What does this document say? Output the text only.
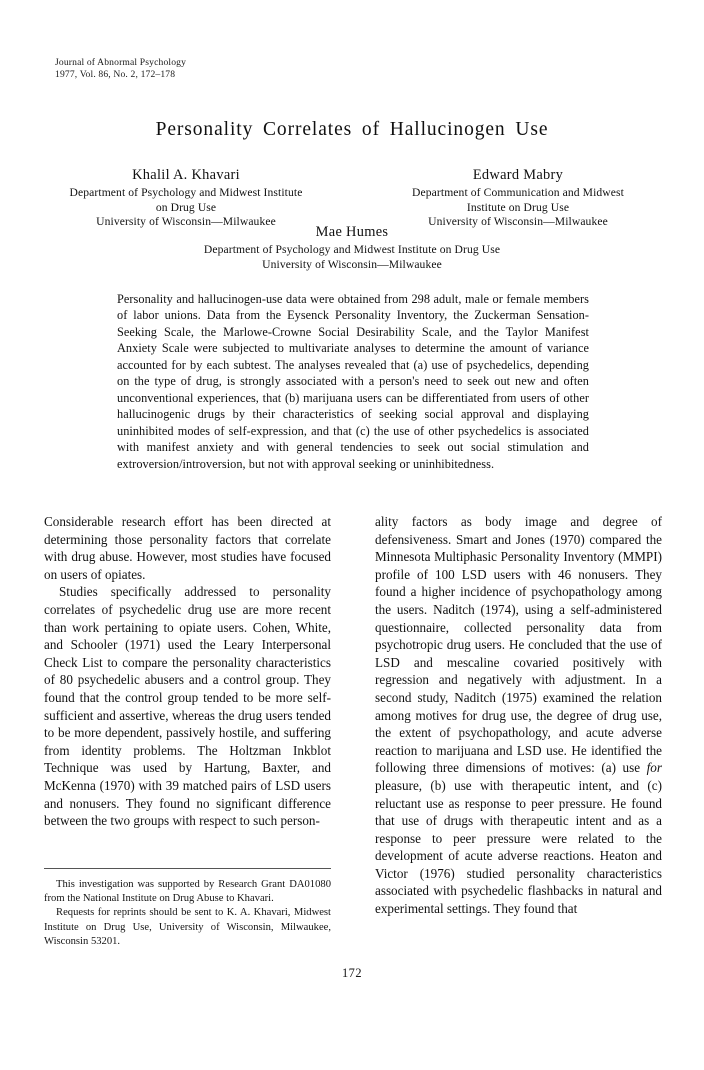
Journal of Abnormal Psychology
1977, Vol. 86, No. 2, 172–178
Personality Correlates of Hallucinogen Use
Khalil A. Khavari
Department of Psychology and Midwest Institute
on Drug Use
University of Wisconsin—Milwaukee
Edward Mabry
Department of Communication and Midwest
Institute on Drug Use
University of Wisconsin—Milwaukee
Mae Humes
Department of Psychology and Midwest Institute on Drug Use
University of Wisconsin—Milwaukee
Personality and hallucinogen-use data were obtained from 298 adult, male or female members of labor unions. Data from the Eysenck Personality Inventory, the Zuckerman Sensation-Seeking Scale, the Marlowe-Crowne Social Desirability Scale, and the Taylor Manifest Anxiety Scale were subjected to multivariate analyses to determine the amount of variance accounted for by each subtest. The analyses revealed that (a) use of psychedelics, depending on the type of drug, is strongly associated with a person's need to seek out new and often unconventional experiences, that (b) marijuana users can be differentiated from users of other hallucinogenic drugs by their characteristics of seeking social approval and displaying uninhibited modes of self-expression, and that (c) the use of other psychedelics is associated with manifest anxiety and with general tendencies to seek out social stimulation and extroversion/introversion, but not with approval seeking or uninhibitedness.

Considerable research effort has been directed at determining those personality factors that correlate with drug abuse. However, most studies have focused on users of opiates.

Studies specifically addressed to personality correlates of psychedelic drug use are more recent than work pertaining to opiate users. Cohen, White, and Schooler (1971) used the Leary Interpersonal Check List to compare the personality characteristics of 80 psychedelic abusers and a control group. They found that the control group tended to be more self-sufficient and assertive, whereas the drug users tended to be more dependent, passively hostile, and suffering from identity problems. The Holtzman Inkblot Technique was used by Hartung, Baxter, and McKenna (1970) with 39 matched pairs of LSD users and nonusers. They found no significant difference between the two groups with respect to such person-

ality factors as body image and degree of defensiveness. Smart and Jones (1970) compared the Minnesota Multiphasic Personality Inventory (MMPI) profile of 100 LSD users with 46 nonusers. They found a higher incidence of psychopathology among the users. Naditch (1974), using a self-administered questionnaire, collected personality data from psychotropic drug users. He concluded that the use of LSD and mescaline covaried positively with regression and negatively with adjustment. In a second study, Naditch (1975) examined the relation among motives for drug use, the degree of drug use, the extent of psychopathology, and acute adverse reaction to marijuana and LSD use. He identified the following three dimensions of motives: (a) use for pleasure, (b) use with therapeutic intent, and (c) reluctant use as response to peer pressure. He found that use of drugs with therapeutic intent and as a response to peer pressure were related to the development of acute adverse reactions. Heaton and Victor (1976) studied personality characteristics associated with psychedelic flashbacks in natural and experimental settings. They found that

This investigation was supported by Research Grant DA01080 from the National Institute on Drug Abuse to Khavari.

Requests for reprints should be sent to K. A. Khavari, Midwest Institute on Drug Use, University of Wisconsin, Milwaukee, Wisconsin 53201.

172
